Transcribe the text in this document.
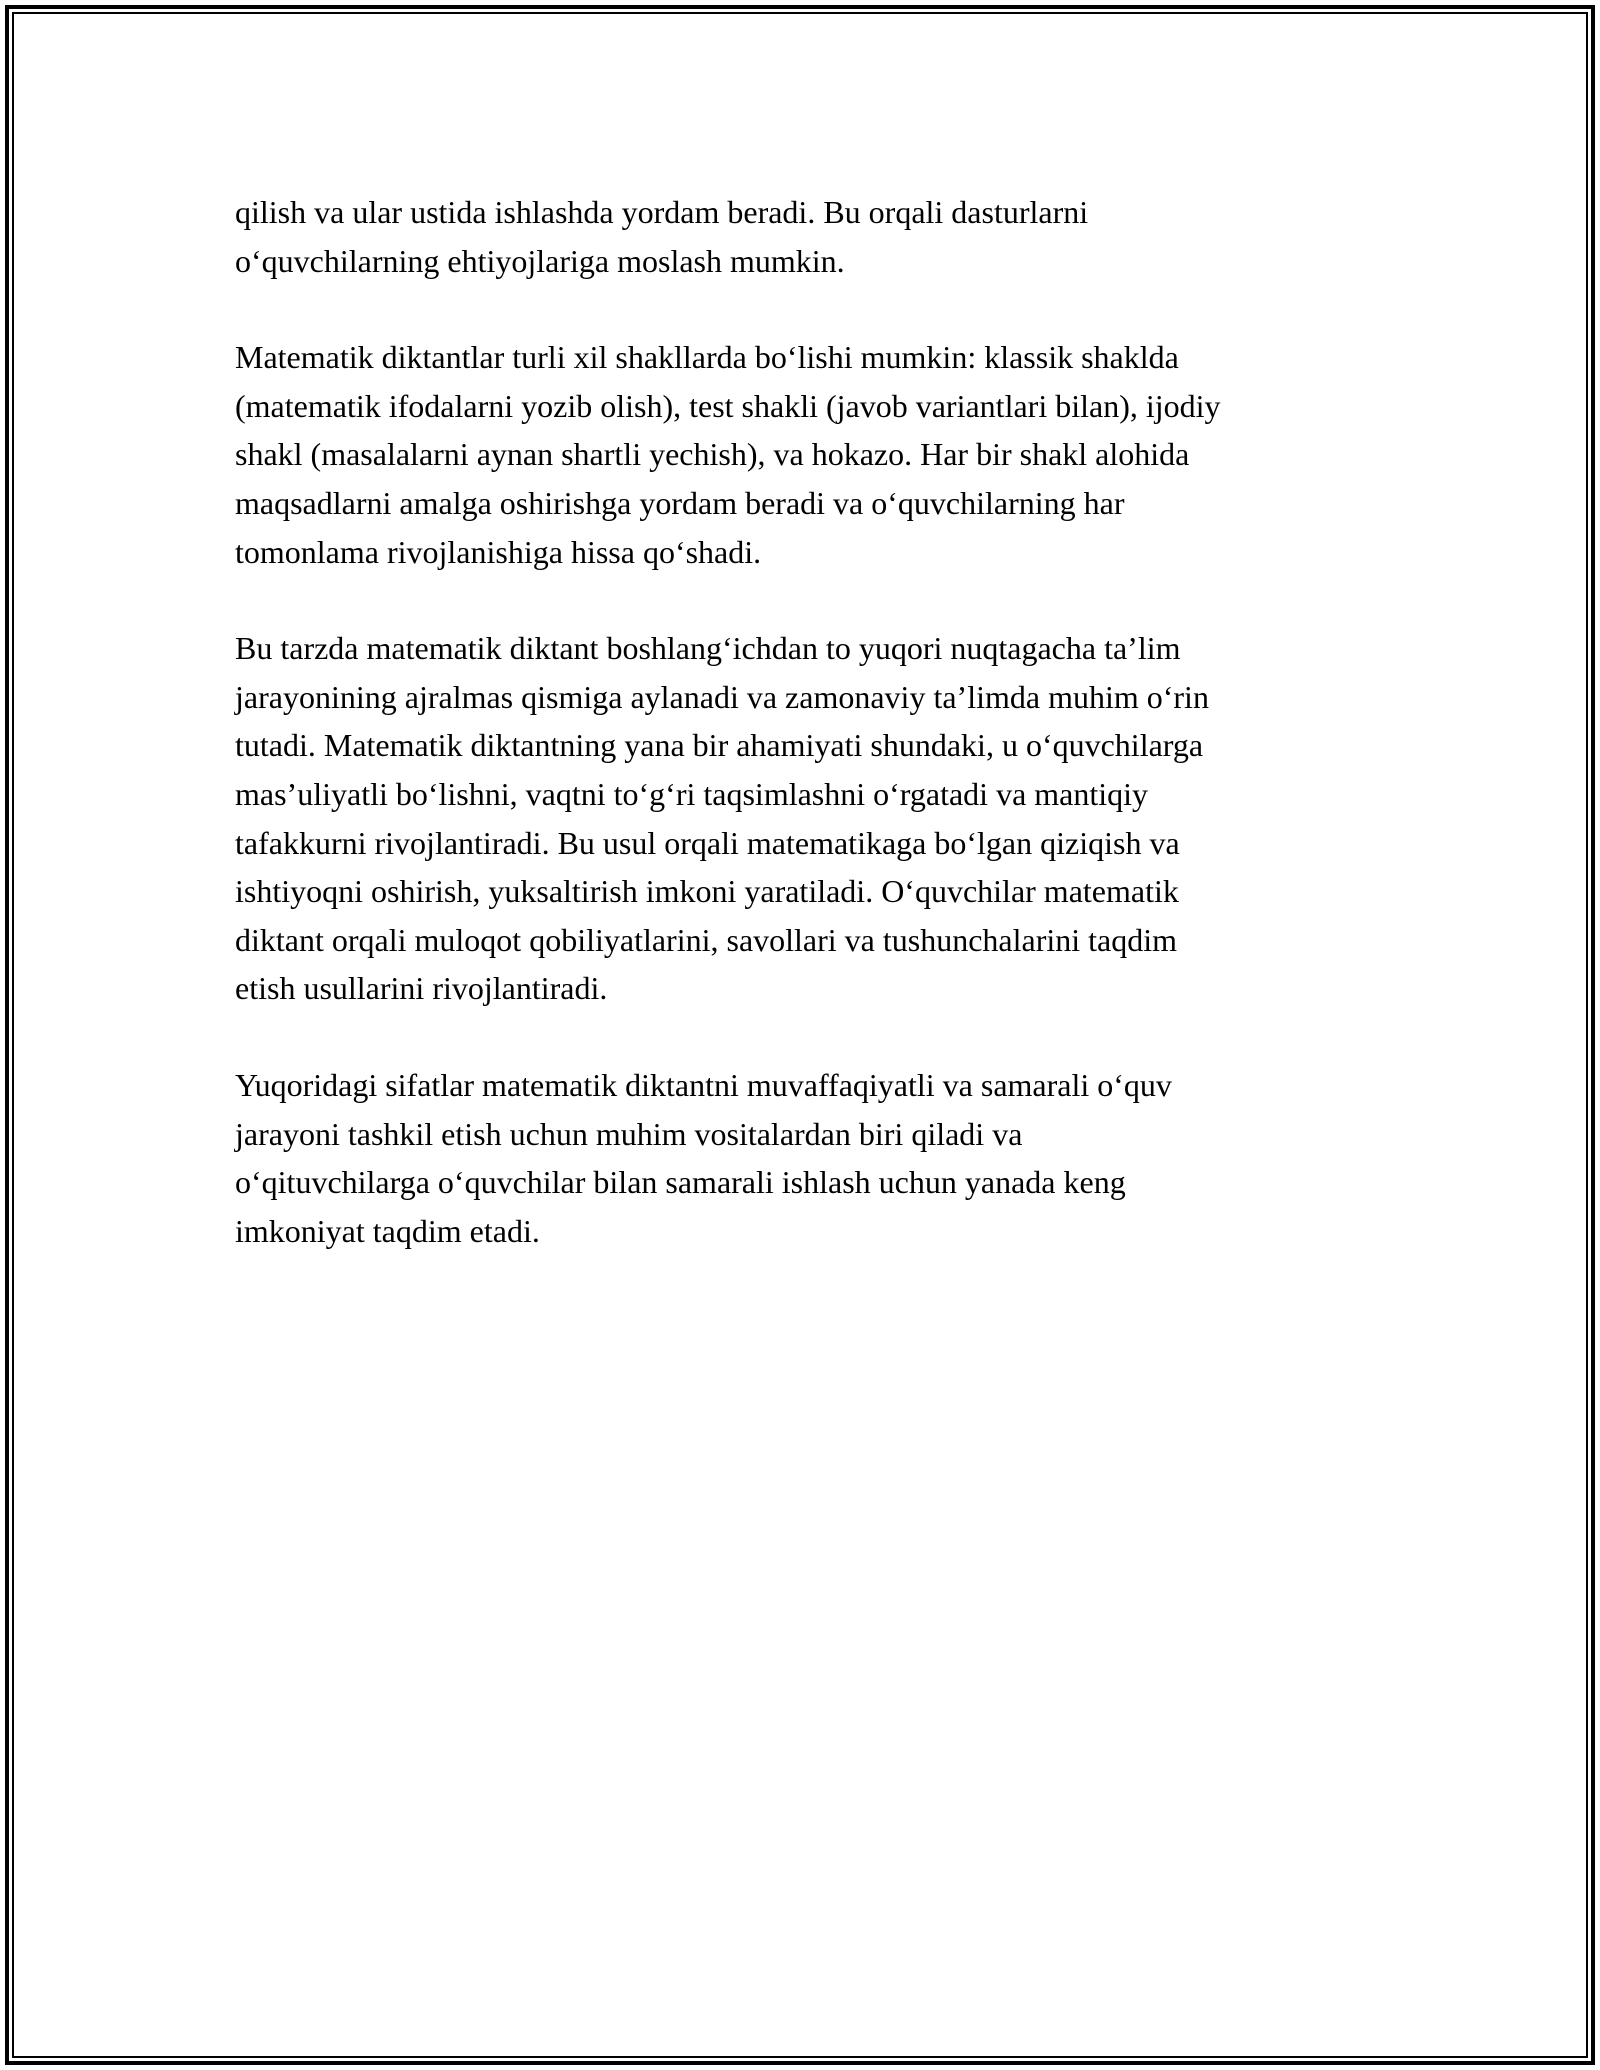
qilish va ular ustida ishlashda yordam beradi. Bu orqali dasturlarni
o‘quvchilarning ehtiyojlariga moslash mumkin.

Matematik diktantlar turli xil shakllarda bo‘lishi mumkin: klassik shaklda
(matematik ifodalarni yozib olish), test shakli (javob variantlari bilan), ijodiy
shakl (masalalarni aynan shartli yechish), va hokazo. Har bir shakl alohida
maqsadlarni amalga oshirishga yordam beradi va o‘quvchilarning har
tomonlama rivojlanishiga hissa qo‘shadi.

Bu tarzda matematik diktant boshlang‘ichdan to yuqori nuqtagacha ta’lim
jarayonining ajralmas qismiga aylanadi va zamonaviy ta’limda muhim o‘rin
tutadi. Matematik diktantning yana bir ahamiyati shundaki, u o‘quvchilarga
mas’uliyatli bo‘lishni, vaqtni to‘g‘ri taqsimlashni o‘rgatadi va mantiqiy
tafakkurni rivojlantiradi. Bu usul orqali matematikaga bo‘lgan qiziqish va
ishtiyoqni oshirish, yuksaltirish imkoni yaratiladi. O‘quvchilar matematik
diktant orqali muloqot qobiliyatlarini, savollari va tushunchalarini taqdim
etish usullarini rivojlantiradi.

Yuqoridagi sifatlar matematik diktantni muvaffaqiyatli va samarali o‘quv
jarayoni tashkil etish uchun muhim vositalardan biri qiladi va
o‘qituvchilarga o‘quvchilar bilan samarali ishlash uchun yanada keng
imkoniyat taqdim etadi.
